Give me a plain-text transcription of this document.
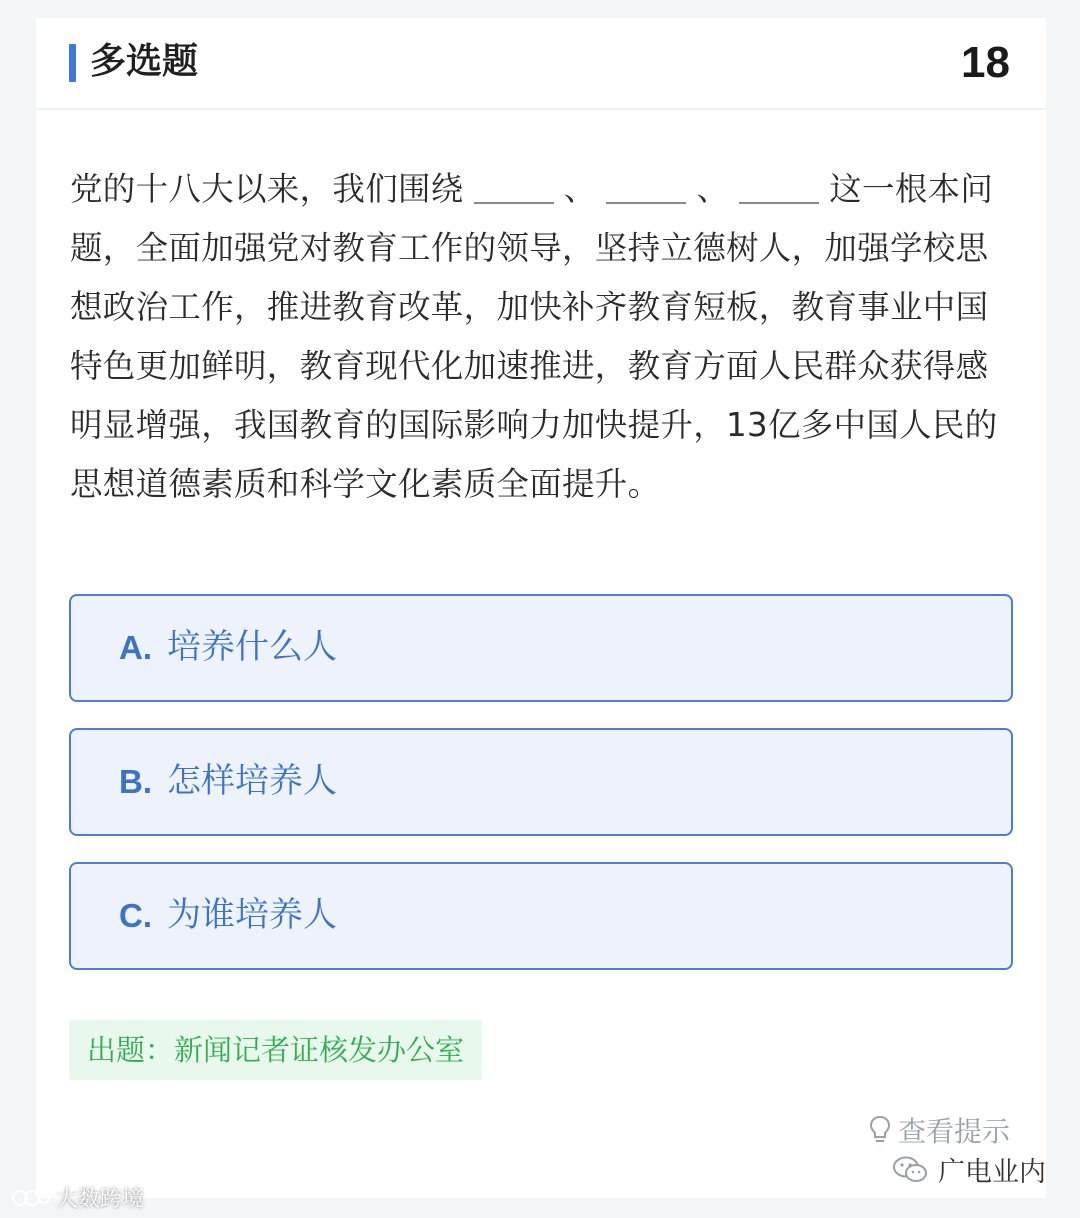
多选题	18

党的十八大以来，我们围绕	、	、	这一根本问题，全面加强党对教育工作的领导，坚持立德树人，加强学校思想政治工作，推进教育改革，加快补齐教育短板，教育事业中国特色更加鲜明，教育现代化加速推进，教育方面人民群众获得感明显增强，我国教育的国际影响力加快提升，13亿多中国人民的思想道德素质和科学文化素质全面提升。

A. 培养什么人
B. 怎样培养人
C. 为谁培养人
出题：新闻记者证核发办公室
查看提示
大数跨境
广电业内
